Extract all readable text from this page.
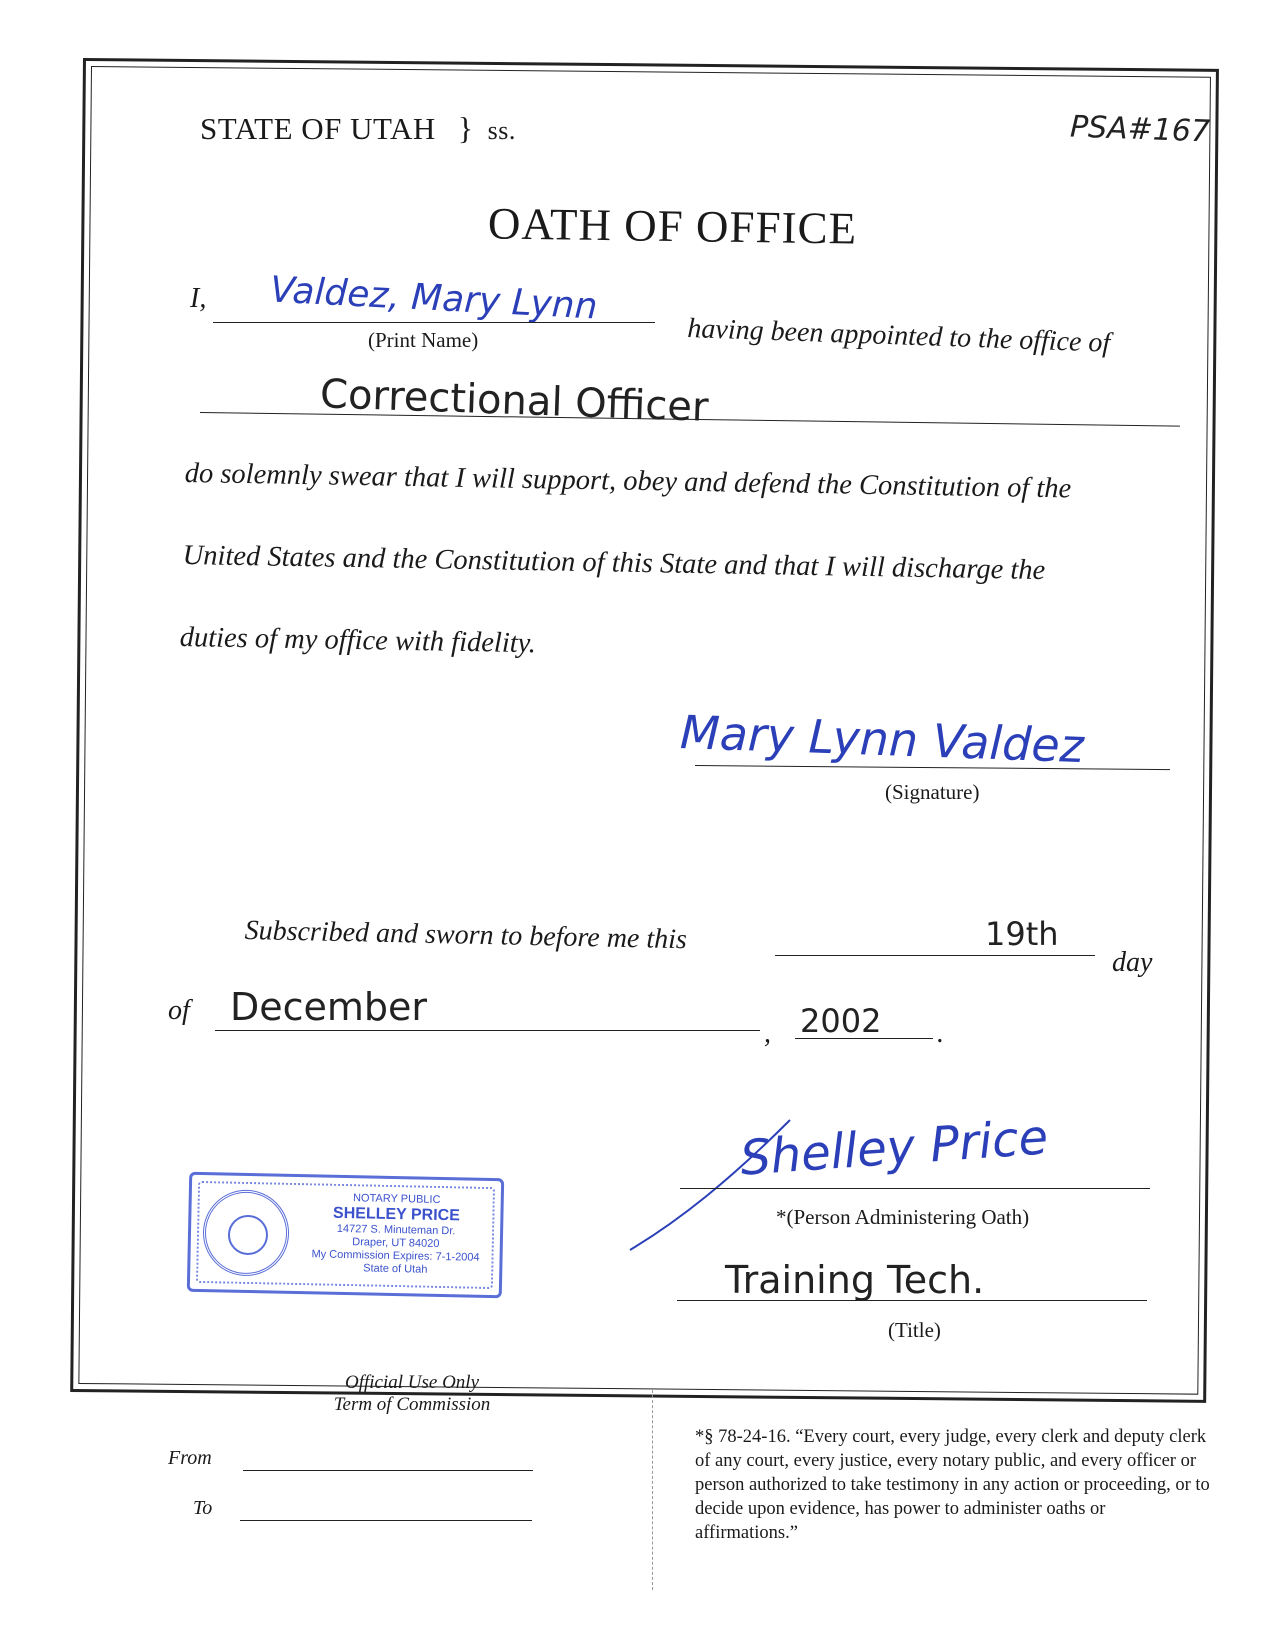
STATE OF UTAH } ss.	PSA#167
OATH OF OFFICE
I, Valdez, Mary Lynn
(Print Name)	having been appointed to the office of
Correctional Officer
do solemnly swear that I will support, obey and defend the Constitution of the
United States and the Constitution of this State and that I will discharge the
duties of my office with fidelity.
Mary Lynn Valdez
(Signature)
Subscribed and sworn to before me this	19th
day
of December
, 2002 .
Shelley Price
*(Person Administering Oath)
Training Tech.
(Title)
NOTARY PUBLIC
SHELLEY PRICE
14727 S. Minuteman Dr.
Draper, UT 84020
My Commission Expires: 7-1-2004
State of Utah
Official Use Only
Term of Commission
From
To
*§ 78-24-16. “Every court, every judge, every clerk and deputy clerk of any court, every justice, every notary public, and every officer or person authorized to take testimony in any action or proceeding, or to decide upon evidence, has power to administer oaths or affirmations.”
